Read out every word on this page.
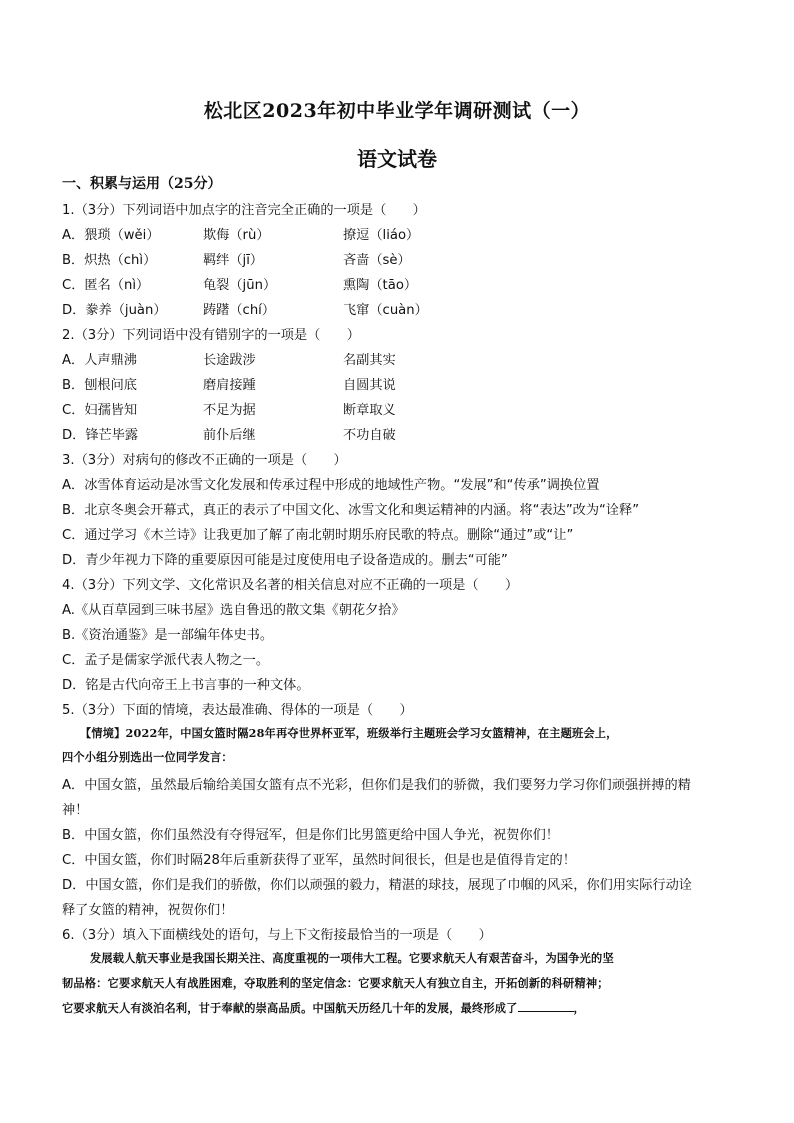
松北区2023年初中毕业学年调研测试（一）
语文试卷
一、积累与运用（25分）
1.（3分）下列词语中加点字的注音完全正确的一项是（　　）
A．猥琐（wěi）	欺侮（rù）	撩逗（liáo）
B．炽热（chì）	羁绊（jī）	吝啬（sè）
C．匿名（nì）	龟裂（jūn）	熏陶（tāo）
D．豢养（juàn）	踌躇（chí）	飞窜（cuàn）
2.（3分）下列词语中没有错别字的一项是（　　）
A．人声鼎沸	长途跋涉	名副其实
B．刨根问底	磨肩接踵	自圆其说
C．妇孺皆知	不足为据	断章取义
D．锋芒毕露	前仆后继	不功自破
3.（3分）对病句的修改不正确的一项是（　　）
A．冰雪体育运动是冰雪文化发展和传承过程中形成的地域性产物。“发展”和“传承”调换位置
B．北京冬奥会开幕式，真正的表示了中国文化、冰雪文化和奥运精神的内涵。将“表达”改为“诠释”
C．通过学习《木兰诗》让我更加了解了南北朝时期乐府民歌的特点。删除“通过”或“让”
D．青少年视力下降的重要原因可能是过度使用电子设备造成的。删去“可能”
4.（3分）下列文学、文化常识及名著的相关信息对应不正确的一项是（　　）
A.《从百草园到三味书屋》选自鲁迅的散文集《朝花夕拾》
B.《资治通鉴》是一部编年体史书。
C．孟子是儒家学派代表人物之一。
D．铭是古代向帝王上书言事的一种文体。
5.（3分）下面的情境，表达最准确、得体的一项是（　　）
【情境】2022年，中国女篮时隔28年再夺世界杯亚军，班级举行主题班会学习女篮精神，在主题班会上，
四个小组分别选出一位同学发言：
A．中国女篮，虽然最后输给美国女篮有点不光彩，但你们是我们的骄微，我们要努力学习你们顽强拼搏的精
神！
B．中国女篮，你们虽然没有夺得冠军，但是你们比男篮更给中国人争光，祝贺你们！
C．中国女篮，你们时隔28年后重新获得了亚军，虽然时间很长，但是也是值得肯定的！
D．中国女篮，你们是我们的骄傲，你们以顽强的毅力，精湛的球技，展现了巾帼的风采，你们用实际行动诠
释了女篮的精神，祝贺你们！
6.（3分）填入下面横线处的语句，与上下文衔接最恰当的一项是（　　）
发展载人航天事业是我国长期关注、高度重视的一项伟大工程。它要求航天人有艰苦奋斗，为国争光的坚
韧品格：它要求航天人有战胜困难，夺取胜利的坚定信念：它要求航天人有独立自主，开拓创新的科研精神；
它要求航天人有淡泊名利，甘于奉献的崇高品质。中国航天历经几十年的发展，最终形成了	，
